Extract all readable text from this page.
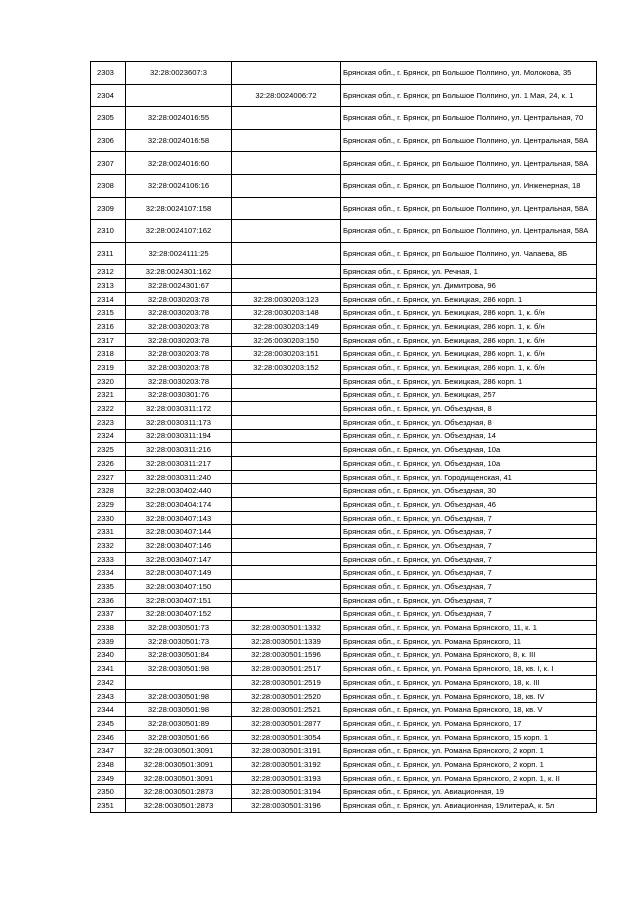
2303	32:28:0023607:3		Брянская обл., г. Брянск, рп Большое Полпино, ул. Молокова, 35
2304		32:28:0024006:72	Брянская обл., г. Брянск, рп Большое Полпино, ул. 1 Мая, 24, к. 1
2305	32:28:0024016:55		Брянская обл., г. Брянск, рп Большое Полпино, ул. Центральная, 70
2306	32:28:0024016:58		Брянская обл., г. Брянск, рп Большое Полпино, ул. Центральная, 58А
2307	32:28:0024016:60		Брянская обл., г. Брянск, рп Большое Полпино, ул. Центральная, 58А
2308	32:28:0024106:16		Брянская обл., г. Брянск, рп Большое Полпино, ул. Инженерная, 18
2309	32:28:0024107:158		Брянская обл., г. Брянск, рп Большое Полпино, ул. Центральная, 58А
2310	32:28:0024107:162		Брянская обл., г. Брянск, рп Большое Полпино, ул. Центральная, 58А
2311	32:28:0024111:25		Брянская обл., г. Брянск, рп Большое Полпино, ул. Чапаева, 8Б
2312	32:28:0024301:162		Брянская обл., г. Брянск, ул. Речная, 1
2313	32:28:0024301:67		Брянская обл., г. Брянск, ул. Димитрова, 96
2314	32:28:0030203:78	32:28:0030203:123	Брянская обл., г. Брянск, ул. Бежицкая, 286 корп. 1
2315	32:28:0030203:78	32:28:0030203:148	Брянская обл., г. Брянск, ул. Бежицкая, 286 корп. 1, к. б/н
2316	32:28:0030203:78	32:28:0030203:149	Брянская обл., г. Брянск, ул. Бежицкая, 286 корп. 1, к. б/н
2317	32:28:0030203:78	32:26:0030203:150	Брянская обл., г. Брянск, ул. Бежицкая, 286 корп. 1, к. б/н
2318	32:28:0030203:78	32:28:0030203:151	Брянская обл., г. Брянск, ул. Бежицкая, 286 корп. 1, к. б/н
2319	32:28:0030203:78	32:28:0030203:152	Брянская обл., г. Брянск, ул. Бежицкая, 286 корп. 1, к. б/н
2320	32:28:0030203:78		Брянская обл., г. Брянск, ул. Бежицкая, 286 корп. 1
2321	32:28:0030301:76		Брянская обл., г. Брянск, ул. Бежицкая, 257
2322	32:28:0030311:172		Брянская обл., г. Брянск, ул. Объездная, 8
2323	32:28:0030311:173		Брянская обл., г. Брянск, ул. Объездная, 8
2324	32:28:0030311:194		Брянская обл., г. Брянск, ул. Объездная, 14
2325	32:28:0030311:216		Брянская обл., г. Брянск, ул. Объездная, 10а
2326	32:28:0030311:217		Брянская обл., г. Брянск, ул. Объездная, 10а
2327	32:28:0030311:240		Брянская обл., г. Брянск, ул. Городищенская, 41
2328	32:28:0030402:440		Брянская обл., г. Брянск, ул. Объездная, 30
2329	32:28:0030404:174		Брянская обл., г. Брянск, ул. Объездная, 46
2330	32:28:0030407:143		Брянская обл., г. Брянск, ул. Объездная, 7
2331	32:28:0030407:144		Брянская обл., г. Брянск, ул. Объездная, 7
2332	32:28:0030407:146		Брянская обл., г. Брянск, ул. Объездная, 7
2333	32:28:0030407:147		Брянская обл., г. Брянск, ул. Объездная, 7
2334	32:28:0030407:149		Брянская обл., г. Брянск, ул. Объездная, 7
2335	32:28:0030407:150		Брянская обл., г. Брянск, ул. Объездная, 7
2336	32:28:0030407:151		Брянская обл., г. Брянск, ул. Объездная, 7
2337	32:28:0030407:152		Брянская обл., г. Брянск, ул. Объездная, 7
2338	32:28:0030501:73	32:28:0030501:1332	Брянская обл., г. Брянск, ул. Романа Брянского, 11, к. 1
2339	32:28:0030501:73	32:28:0030501:1339	Брянская обл., г. Брянск, ул. Романа Брянского, 11
2340	32:28:0030501:84	32:28:0030501:1596	Брянская обл., г. Брянск, ул. Романа Брянского, 8, к. III
2341	32:28:0030501:98	32:28:0030501:2517	Брянская обл., г. Брянск, ул. Романа Брянского, 18, кв. I, к. I
2342		32:28:0030501:2519	Брянская обл., г. Брянск, ул. Романа Брянского, 18, к. III
2343	32:28:0030501:98	32:28:0030501:2520	Брянская обл., г. Брянск, ул. Романа Брянского, 18, кв. IV
2344	32:28:0030501:98	32:28:0030501:2521	Брянская обл., г. Брянск, ул. Романа Брянского, 18, кв. V
2345	32:28:0030501:89	32:28:0030501:2877	Брянская обл., г. Брянск, ул. Романа Брянского, 17
2346	32:28:0030501:66	32:28:0030501:3054	Брянская обл., г. Брянск, ул. Романа Брянского, 15 корп. 1
2347	32:28:0030501:3091	32:28:0030501:3191	Брянская обл., г. Брянск, ул. Романа Брянского, 2 корп. 1
2348	32:28:0030501:3091	32:28:0030501:3192	Брянская обл., г. Брянск, ул. Романа Брянского, 2 корп. 1
2349	32:28:0030501:3091	32:28:0030501:3193	Брянская обл., г. Брянск, ул. Романа Брянского, 2 корп. 1, к. II
2350	32:28:0030501:2873	32:28:0030501:3194	Брянская обл., г. Брянск, ул. Авиационная, 19
2351	32:28:0030501:2873	32:28:0030501:3196	Брянская обл., г. Брянск, ул. Авиационная, 19литераА, к. 5л
